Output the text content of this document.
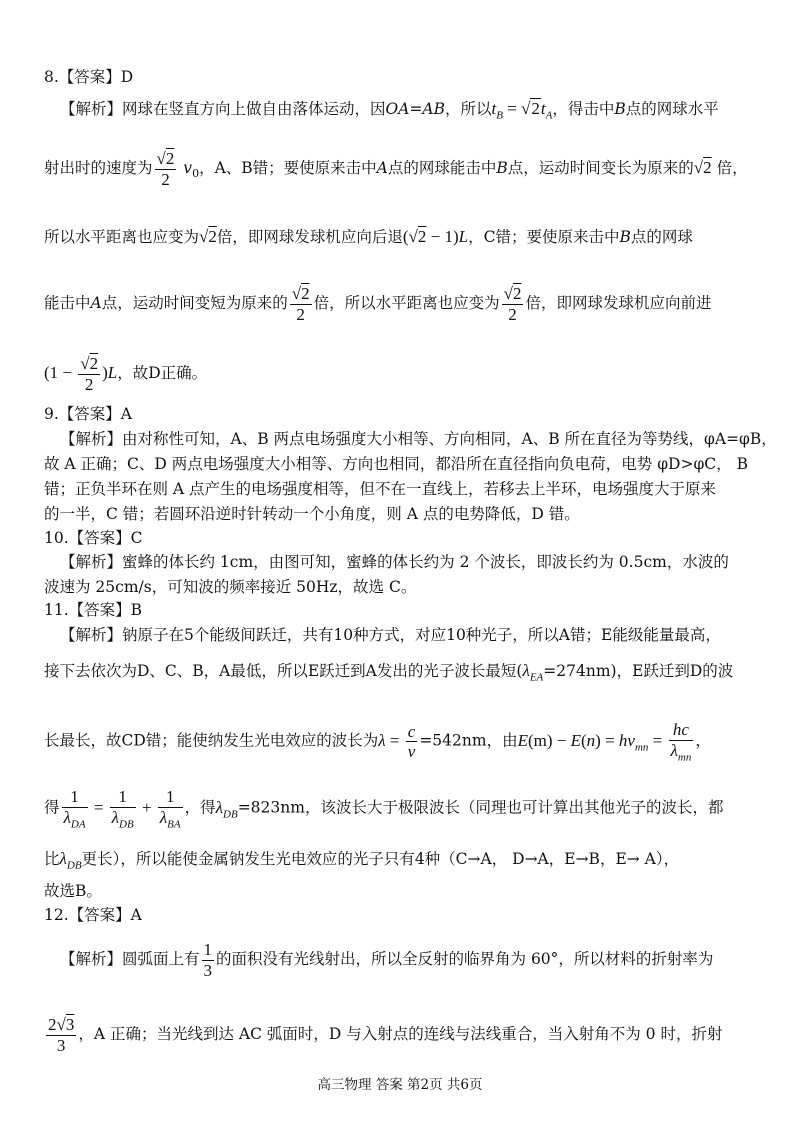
8.【答案】D
【解析】网球在竖直方向上做自由落体运动，因OA=AB，所以$t_B = √2t_A$，得击中B点的网球水平
射出时的速度为 $\frac{√2}{2} v_0$，A、B错；要使原来击中A点的网球能击中B点，运动时间变长为原来的√2 倍，
所以水平距离也应变为√2倍，即网球发球机应向后退(√2 − 1)L，C错；要使原来击中B点的网球
能击中A点，运动时间变短为原来的 $\frac{√2}{2}$ 倍，所以水平距离也应变为 $\frac{√2}{2}$ 倍，即网球发球机应向前进
$(1 - \frac{√2}{2} )L$，故D正确。
9.【答案】A
【解析】由对称性可知，A、B 两点电场强度大小相等、方向相同，A、B 所在直径为等势线，φA=φB，
故 A 正确；C、D 两点电场强度大小相等、方向也相同，都沿所在直径指向负电荷，电势 φD>φC， B
错；正负半环在则 A 点产生的电场强度相等，但不在一直线上，若移去上半环，电场强度大于原来
的一半，C 错；若圆环沿逆时针转动一个小角度，则 A 点的电势降低，D 错。
10.【答案】C
【解析】蜜蜂的体长约 1cm，由图可知，蜜蜂的体长约为 2 个波长，即波长约为 0.5cm，水波的
波速为 25cm/s，可知波的频率接近 50Hz，故选 C。
11.【答案】B
【解析】钠原子在5个能级间跃迁，共有10种方式，对应10种光子，所以A错；E能级能量最高，
接下去依次为D、C、B，A最低，所以E跃迁到A发出的光子波长最短$(\lambda_{EA}=274nm)$，E跃迁到D的波
长最长，故CD错；能使纳发生光电效应的波长为$\lambda = \frac{c}{\nu} =542nm$，由$E(m) - E(n) = h\nu_{mn} = \frac{hc}{\lambda_{mn}}$ ，
得 $\frac{1}{\lambda_{DA}} = \frac{1}{\lambda_{DB}} + \frac{1}{\lambda_{BA}}$ ，得$\lambda_{DB}=823nm$，该波长大于极限波长（同理也可计算出其他光子的波长，都
比$\lambda_{DB}$更长），所以能使金属钠发生光电效应的光子只有4种（C→A， D→A，E→B，E→ A），
故选B。
12.【答案】A
【解析】圆弧面上有 $\frac{1}{3}$ 的面积没有光线射出，所以全反射的临界角为 60°，所以材料的折射率为
$\frac{2√3}{3}$ ，A 正确；当光线到达 AC 弧面时，D 与入射点的连线与法线重合，当入射角不为 0 时，折射
高三物理 答案 第2页 共6页
